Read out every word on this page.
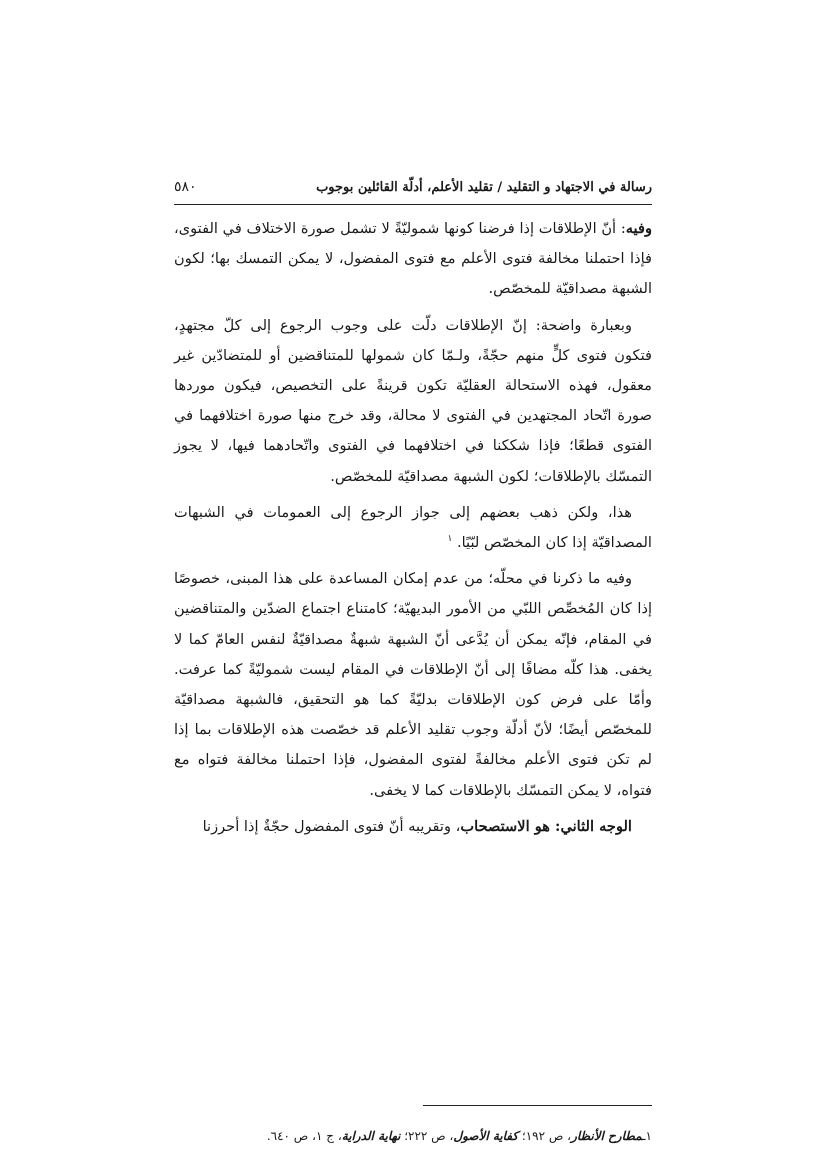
رسالة في الاجتهاد و التقليد / تقليد الأعلم، أدلّة القائلين بوجوب
٥٨٠

وفيه: أنّ الإطلاقات إذا فرضنا كونها شموليّةً لا تشمل صورة الاختلاف في الفتوى، فإذا احتملنا مخالفة فتوى الأعلم مع فتوى المفضول، لا يمكن التمسك بها؛ لكون الشبهة مصداقيّة للمخصّص.

وبعبارة واضحة: إنّ الإطلاقات دلّت على وجوب الرجوع إلى كلّ مجتهدٍ، فتكون فتوى كلٍّ منهم حجّةً، ولـمّا كان شمولها للمتناقضين أو للمتضادّين غير معقول، فهذه الاستحالة العقليّة تكون قرينةً على التخصيص، فيكون موردها صورة اتّحاد المجتهدين في الفتوى لا محالة، وقد خرج منها صورة اختلافهما في الفتوى قطعًا؛ فإذا شككنا في اختلافهما في الفتوى واتّحادهما فيها، لا يجوز التمسّك بالإطلاقات؛ لكون الشبهة مصداقيّة للمخصّص.

هذا، ولكن ذهب بعضهم إلى جواز الرجوع إلى العمومات في الشبهات المصداقيّة إذا كان المخصّص لبّيًا. $^١$

وفيه ما ذكرنا في محلّه؛ من عدم إمكان المساعدة على هذا المبنى، خصوصًا إذا كان المُخصِّص اللبّي من الأمور البديهيّة؛ كامتناع اجتماع الضدّين والمتناقضين في المقام، فإنّه يمكن أن يُدَّعى أنّ الشبهة شبهةٌ مصداقيّةٌ لنفس العامّ كما لا يخفى. هذا كلّه مضافًا إلى أنّ الإطلاقات في المقام ليست شموليّةً كما عرفت. وأمّا على فرض كون الإطلاقات بدليّةً كما هو التحقيق، فالشبهة مصداقيّة للمخصّص أيضًا؛ لأنّ أدلّة وجوب تقليد الأعلم قد خصّصت هذه الإطلاقات بما إذا لم تكن فتوى الأعلم مخالفةً لفتوى المفضول، فإذا احتملنا مخالفة فتواه مع فتواه، لا يمكن التمسّك بالإطلاقات كما لا يخفى.

الوجه الثاني: هو الاستصحاب، وتقريبه أنّ فتوى المفضول حجّةٌ إذا أحرزنا

١ـمطارح الأنظار، ص ١٩٢؛ كفاية الأصول، ص ٢٢٢؛ نهاية الدراية، ج ١، ص ٦٤٠.
